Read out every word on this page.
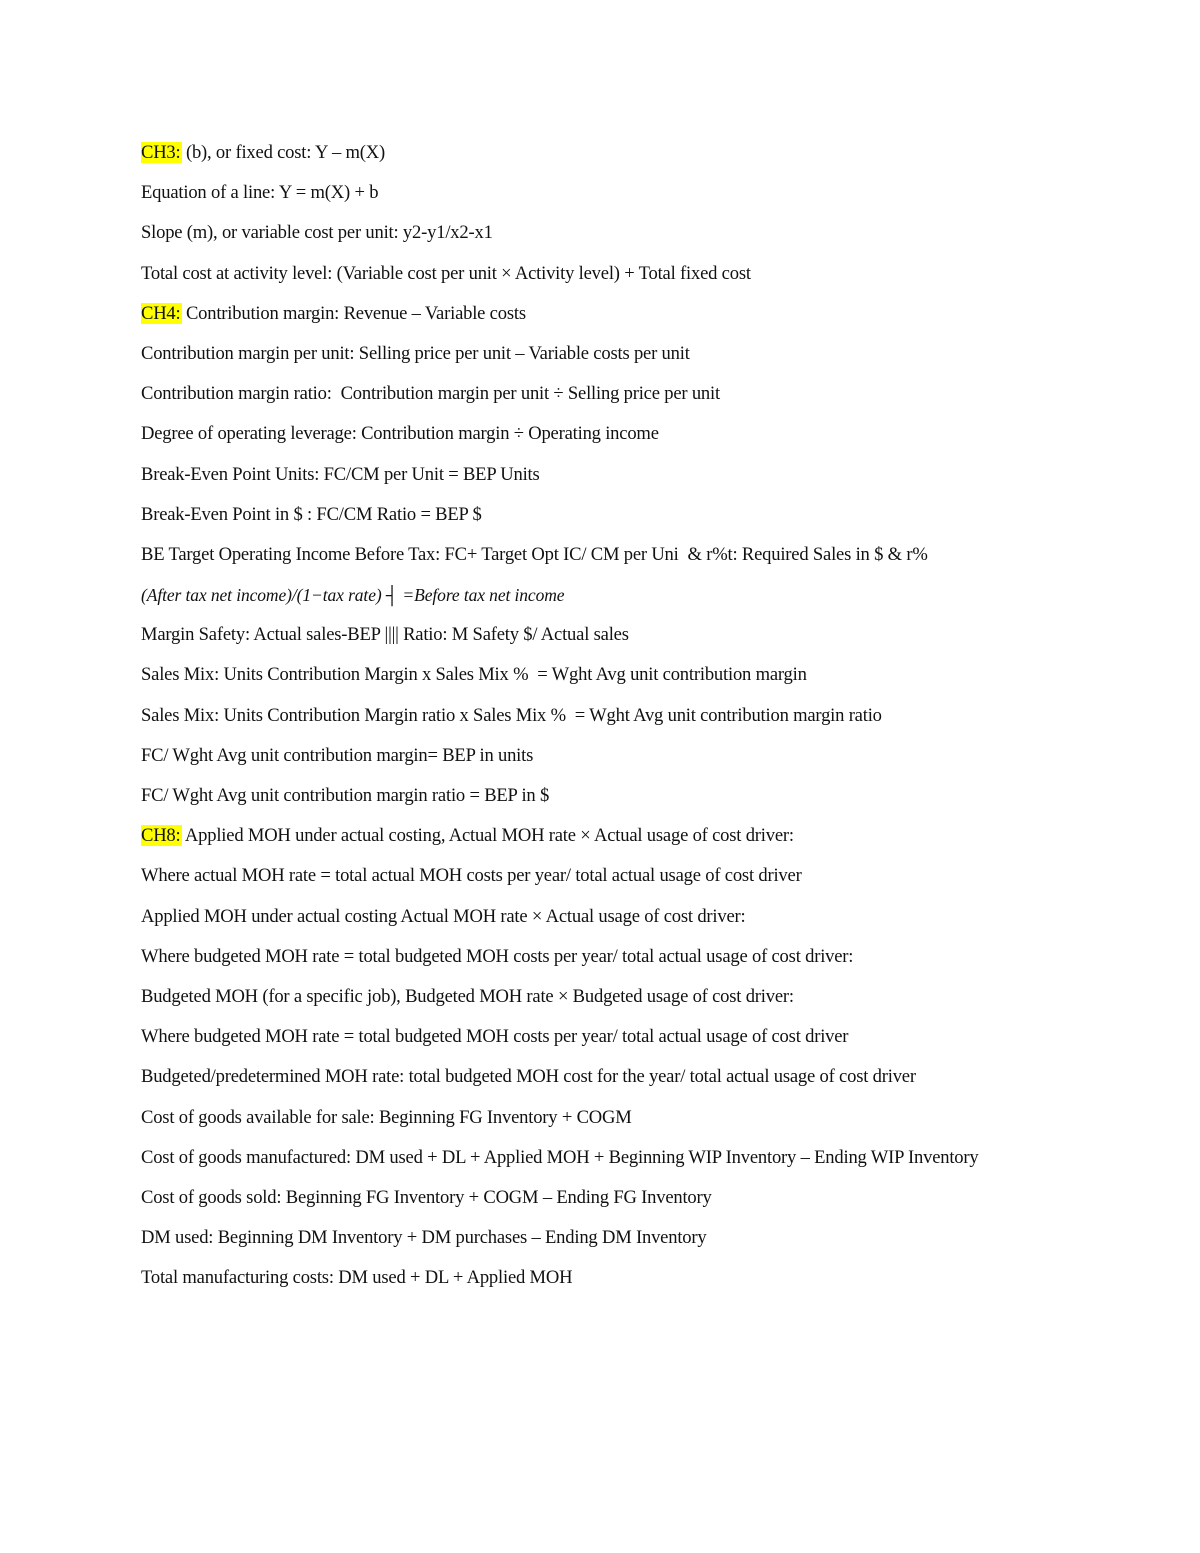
CH3: (b), or fixed cost: Y – m(X)
Equation of a line: Y = m(X) + b
Slope (m), or variable cost per unit: y2-y1/x2-x1
Total cost at activity level: (Variable cost per unit × Activity level) + Total fixed cost
CH4: Contribution margin: Revenue – Variable costs
Contribution margin per unit: Selling price per unit – Variable costs per unit
Contribution margin ratio:  Contribution margin per unit ÷ Selling price per unit
Degree of operating leverage: Contribution margin ÷ Operating income
Break-Even Point Units: FC/CM per Unit = BEP Units
Break-Even Point in $ : FC/CM Ratio = BEP $
BE Target Operating Income Before Tax: FC+ Target Opt IC/ CM per Uni  & r%t: Required Sales in $ & r%
(After tax net income)/(1−tax rate) ┤ =Before tax net income
Margin Safety: Actual sales-BEP |||| Ratio: M Safety $/ Actual sales
Sales Mix: Units Contribution Margin x Sales Mix %  = Wght Avg unit contribution margin
Sales Mix: Units Contribution Margin ratio x Sales Mix %  = Wght Avg unit contribution margin ratio
FC/ Wght Avg unit contribution margin= BEP in units
FC/ Wght Avg unit contribution margin ratio = BEP in $
CH8: Applied MOH under actual costing, Actual MOH rate × Actual usage of cost driver:
Where actual MOH rate = total actual MOH costs per year/ total actual usage of cost driver
Applied MOH under actual costing Actual MOH rate × Actual usage of cost driver:
Where budgeted MOH rate = total budgeted MOH costs per year/ total actual usage of cost driver:
Budgeted MOH (for a specific job), Budgeted MOH rate × Budgeted usage of cost driver:
Where budgeted MOH rate = total budgeted MOH costs per year/ total actual usage of cost driver
Budgeted/predetermined MOH rate: total budgeted MOH cost for the year/ total actual usage of cost driver
Cost of goods available for sale: Beginning FG Inventory + COGM
Cost of goods manufactured: DM used + DL + Applied MOH + Beginning WIP Inventory – Ending WIP Inventory
Cost of goods sold: Beginning FG Inventory + COGM – Ending FG Inventory
DM used: Beginning DM Inventory + DM purchases – Ending DM Inventory
Total manufacturing costs: DM used + DL + Applied MOH
